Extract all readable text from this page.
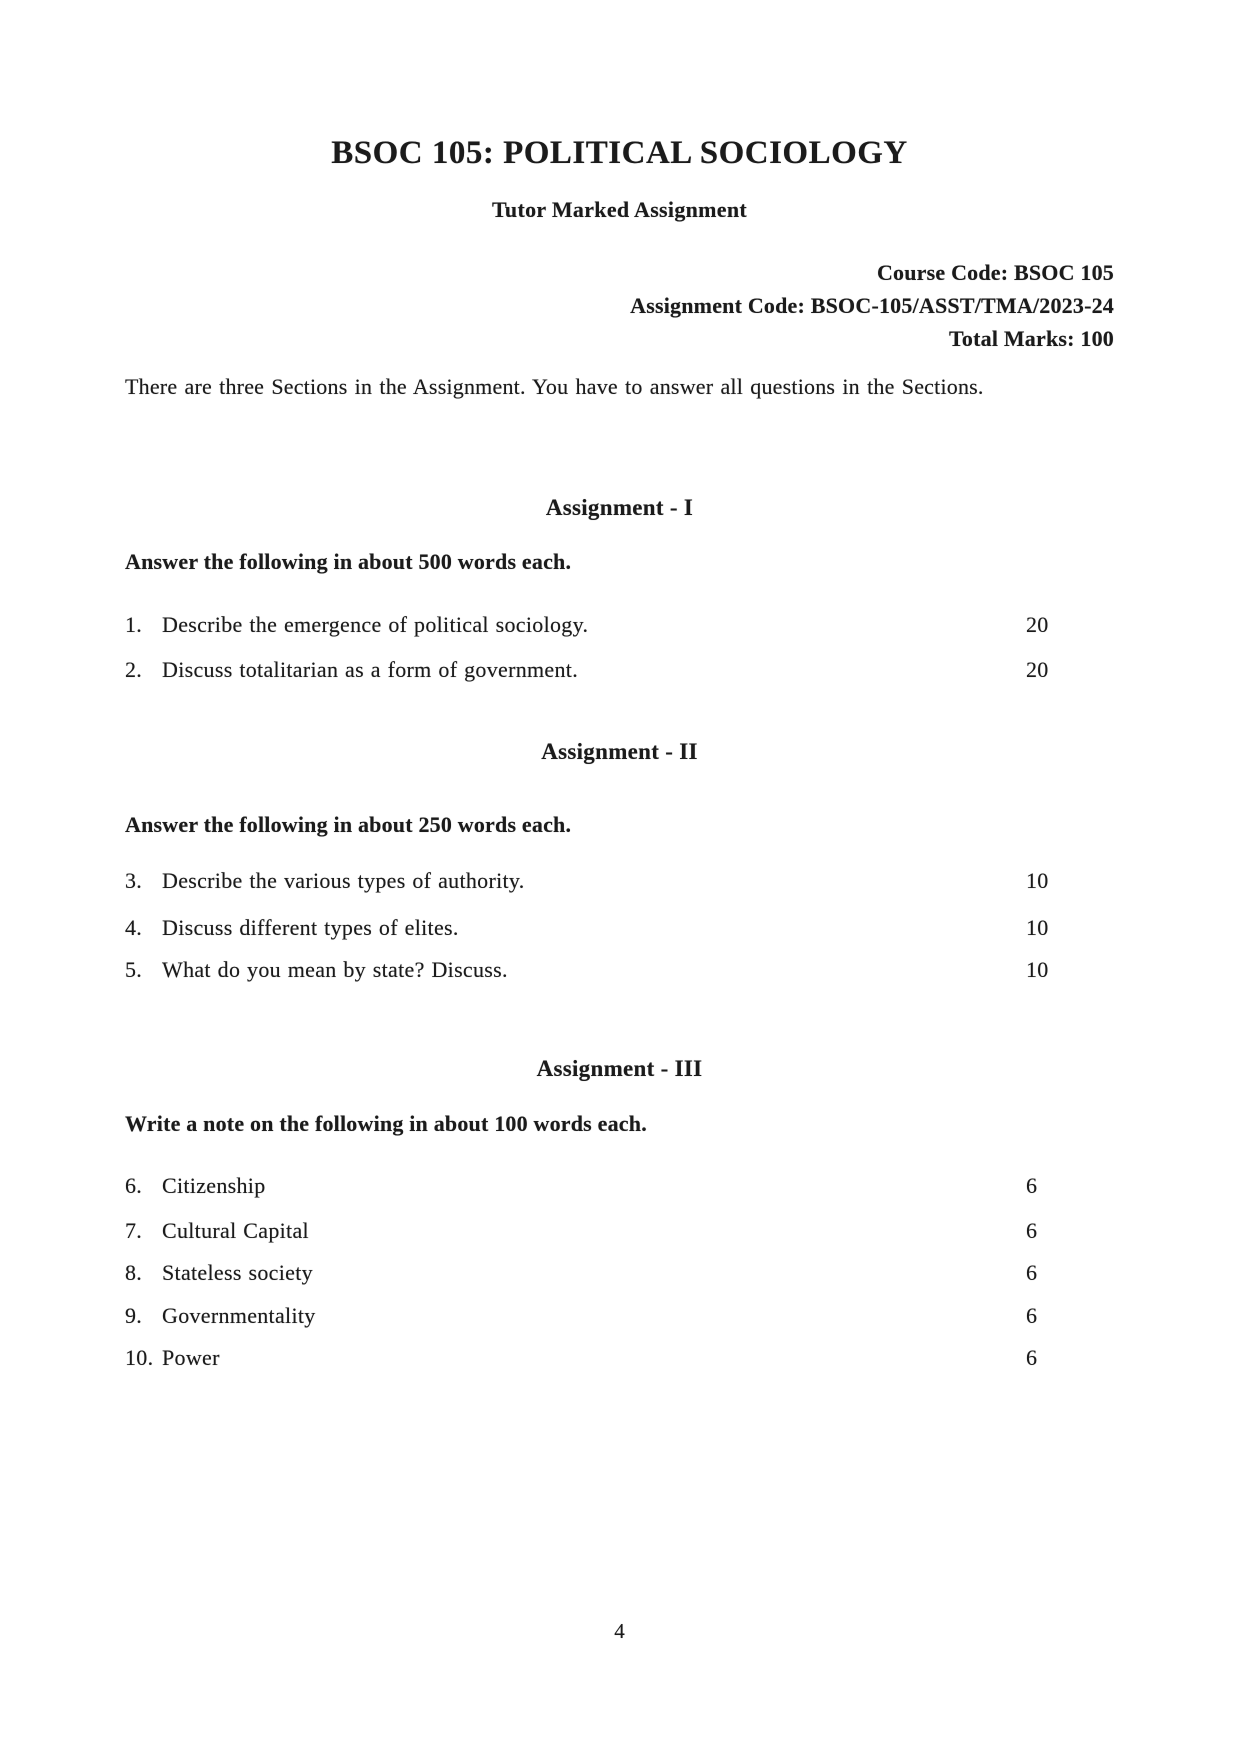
BSOC 105: POLITICAL SOCIOLOGY
Tutor Marked Assignment
Course Code: BSOC 105
Assignment Code: BSOC-105/ASST/TMA/2023-24
Total Marks: 100

There are three Sections in the Assignment. You have to answer all questions in the Sections.

Assignment - I

Answer the following in about 500 words each.

1. Describe the emergence of political sociology.	20
2. Discuss totalitarian as a form of government.	20
Assignment - II

Answer the following in about 250 words each.

3. Describe the various types of authority.	10
4. Discuss different types of elites.	10
5. What do you mean by state? Discuss.	10
Assignment - III

Write a note on the following in about 100 words each.

6. Citizenship	6
7. Cultural Capital	6
8. Stateless society	6
9. Governmentality	6
10. Power	6
4
